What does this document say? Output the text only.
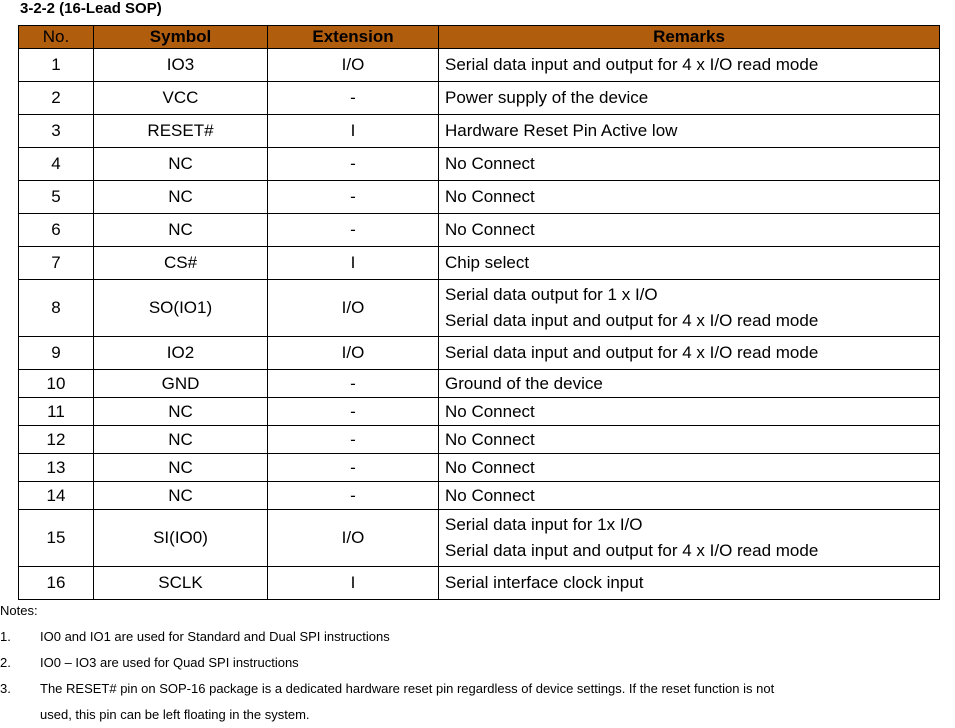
3-2-2 (16-Lead SOP)
No.	Symbol	Extension	Remarks
1	IO3	I/O	Serial data input and output for 4 x I/O read mode

2	VCC	-	Power supply of the device

3	RESET#	I	Hardware Reset Pin Active low

4	NC	-	No Connect

5	NC	-	No Connect

6	NC	-	No Connect

7	CS#	I	Chip select

8	SO(IO1)	I/O	Serial data output for 1 x I/O
Serial data input and output for 4 x I/O read mode

9	IO2	I/O	Serial data input and output for 4 x I/O read mode

10	GND	-	Ground of the device

11	NC	-	No Connect

12	NC	-	No Connect

13	NC	-	No Connect

14	NC	-	No Connect

15	SI(IO0)	I/O	Serial data input for 1x I/O
Serial data input and output for 4 x I/O read mode

16	SCLK	I	Serial interface clock input
Notes:
1. IO0 and IO1 are used for Standard and Dual SPI instructions
2. IO0 – IO3 are used for Quad SPI instructions
3. The RESET# pin on SOP-16 package is a dedicated hardware reset pin regardless of device settings. If the reset function is not
used, this pin can be left floating in the system.
